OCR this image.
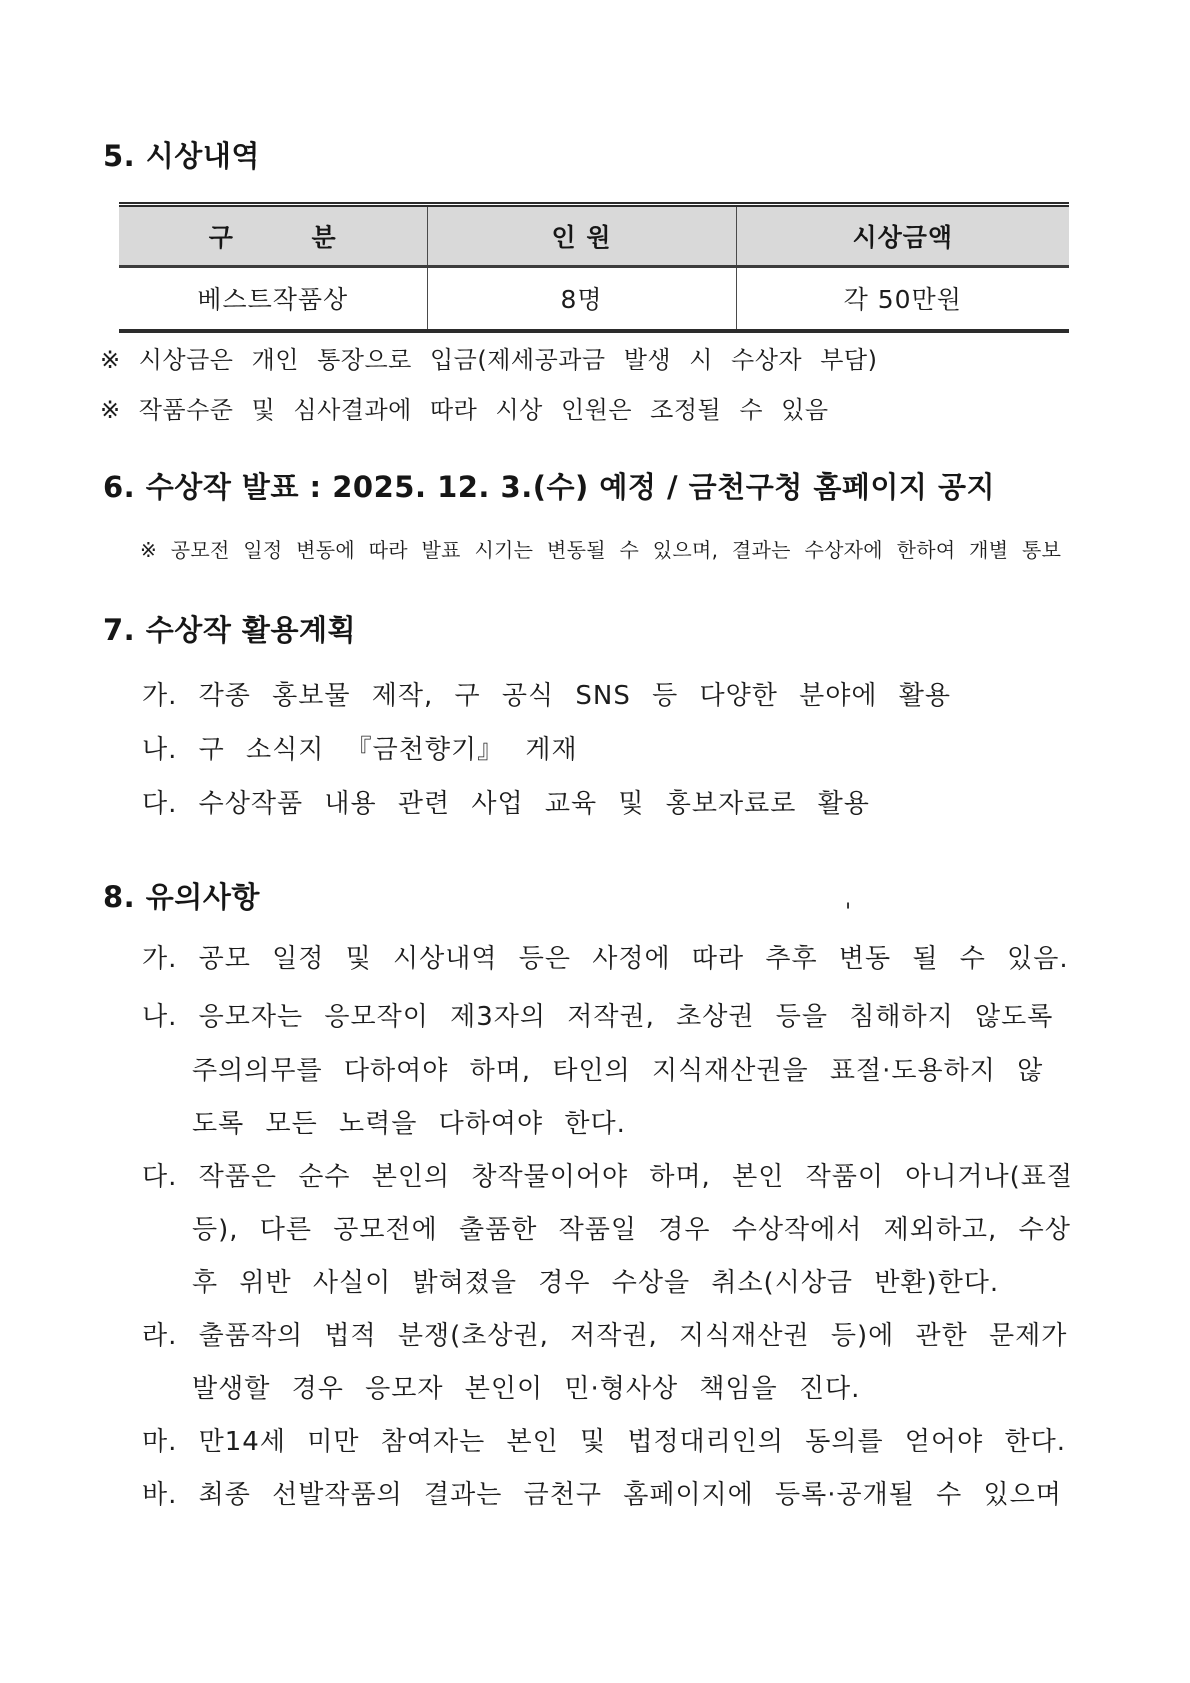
5. 시상내역
구        분	인 원	시상금액
베스트작품상	8명	각 50만원
※ 시상금은 개인 통장으로 입금(제세공과금 발생 시 수상자 부담)
※ 작품수준 및 심사결과에 따라 시상 인원은 조정될 수 있음
6. 수상작 발표 : 2025. 12. 3.(수) 예정 / 금천구청 홈페이지 공지
※ 공모전 일정 변동에 따라 발표 시기는 변동될 수 있으며, 결과는 수상자에 한하여 개별 통보
7. 수상작 활용계획
가. 각종 홍보물 제작, 구 공식 SNS 등 다양한 분야에 활용
나. 구 소식지 『금천향기』 게재
다. 수상작품 내용 관련 사업 교육 및 홍보자료로 활용
8. 유의사항	'
가. 공모 일정 및 시상내역 등은 사정에 따라 추후 변동 될 수 있음.
나. 응모자는 응모작이 제3자의 저작권, 초상권 등을 침해하지 않도록
주의의무를 다하여야 하며, 타인의 지식재산권을 표절·도용하지 않
도록 모든 노력을 다하여야 한다.
다. 작품은 순수 본인의 창작물이어야 하며, 본인 작품이 아니거나(표절
등), 다른 공모전에 출품한 작품일 경우 수상작에서 제외하고, 수상
후 위반 사실이 밝혀졌을 경우 수상을 취소(시상금 반환)한다.
라. 출품작의 법적 분쟁(초상권, 저작권, 지식재산권 등)에 관한 문제가
발생할 경우 응모자 본인이 민·형사상 책임을 진다.
마. 만14세 미만 참여자는 본인 및 법정대리인의 동의를 얻어야 한다.
바. 최종 선발작품의 결과는 금천구 홈페이지에 등록·공개될 수 있으며
